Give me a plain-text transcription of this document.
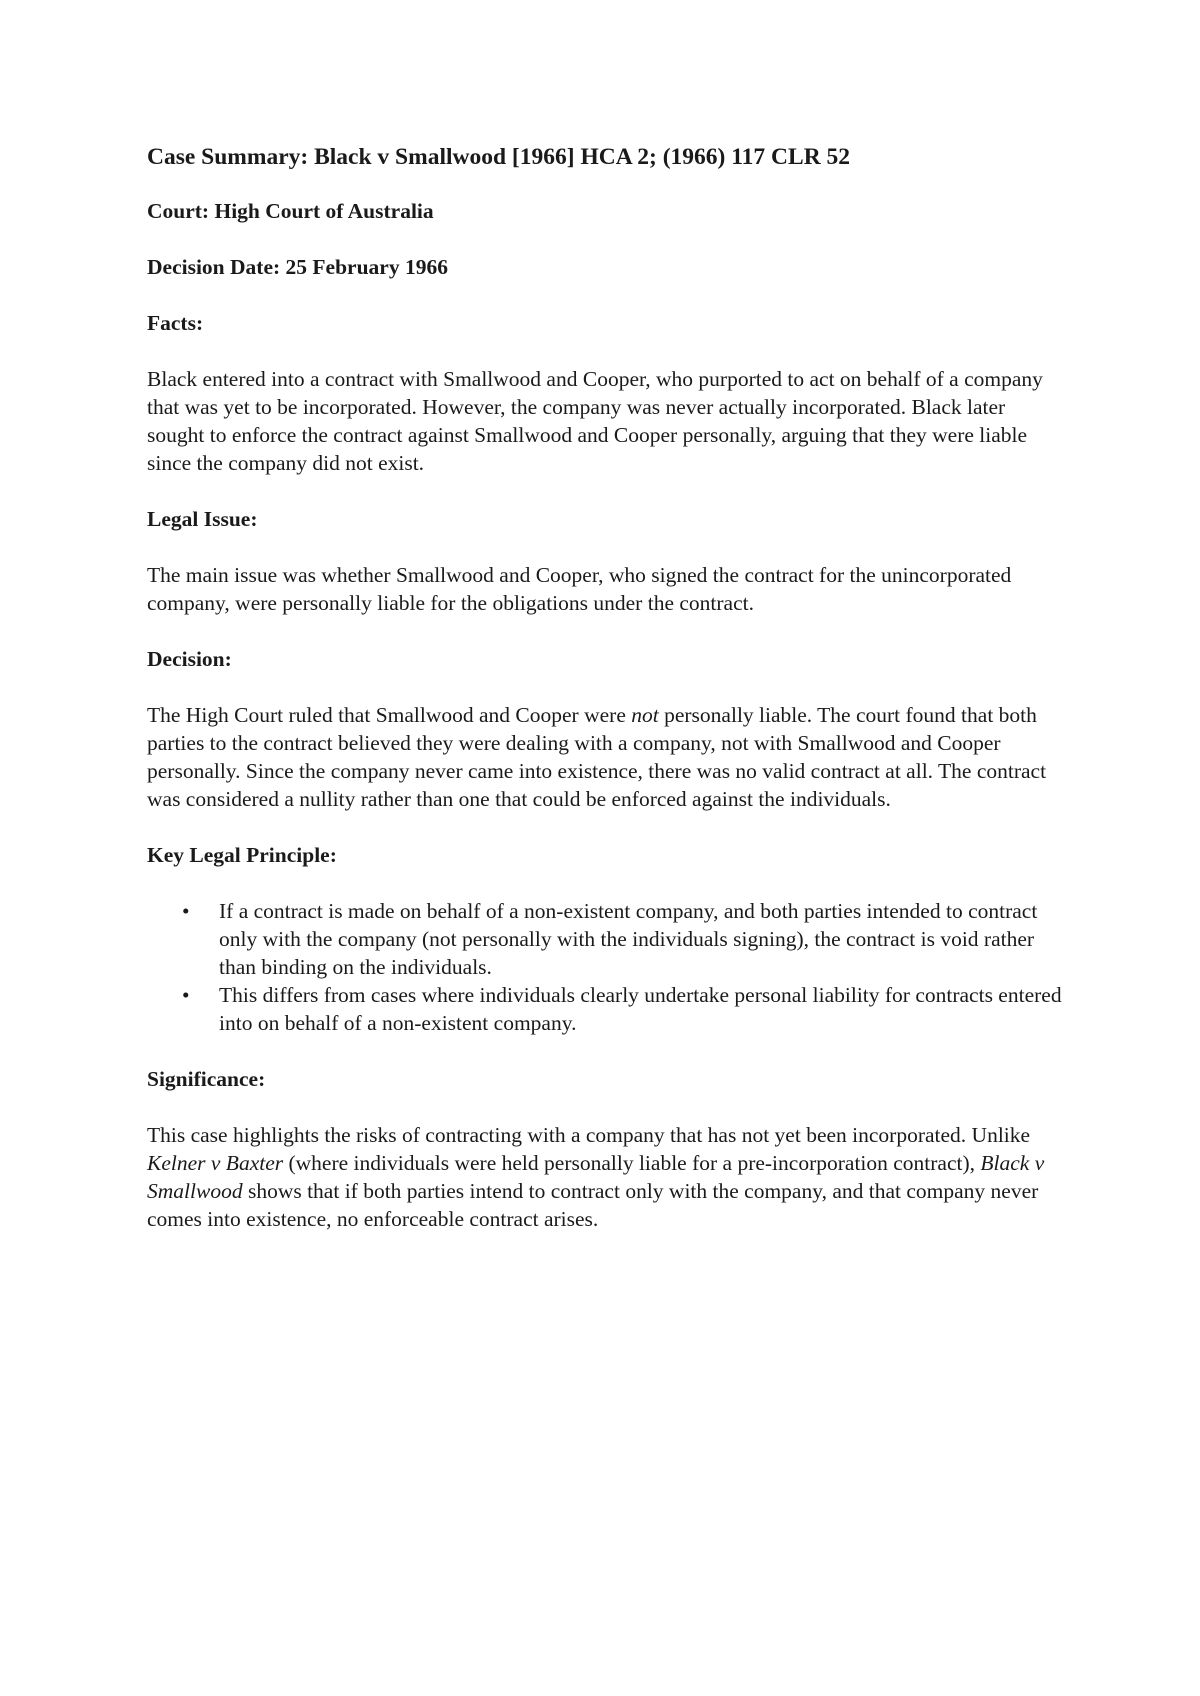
Case Summary: Black v Smallwood [1966] HCA 2; (1966) 117 CLR 52

Court: High Court of Australia

Decision Date: 25 February 1966

Facts:

Black entered into a contract with Smallwood and Cooper, who purported to act on behalf of a company that was yet to be incorporated. However, the company was never actually incorporated. Black later sought to enforce the contract against Smallwood and Cooper personally, arguing that they were liable since the company did not exist.

Legal Issue:

The main issue was whether Smallwood and Cooper, who signed the contract for the unincorporated company, were personally liable for the obligations under the contract.

Decision:

The High Court ruled that Smallwood and Cooper were not personally liable. The court found that both parties to the contract believed they were dealing with a company, not with Smallwood and Cooper personally. Since the company never came into existence, there was no valid contract at all. The contract was considered a nullity rather than one that could be enforced against the individuals.

Key Legal Principle:

• If a contract is made on behalf of a non-existent company, and both parties intended to contract only with the company (not personally with the individuals signing), the contract is void rather than binding on the individuals.
• This differs from cases where individuals clearly undertake personal liability for contracts entered into on behalf of a non-existent company.

Significance:

This case highlights the risks of contracting with a company that has not yet been incorporated. Unlike Kelner v Baxter (where individuals were held personally liable for a pre-incorporation contract), Black v Smallwood shows that if both parties intend to contract only with the company, and that company never comes into existence, no enforceable contract arises.
